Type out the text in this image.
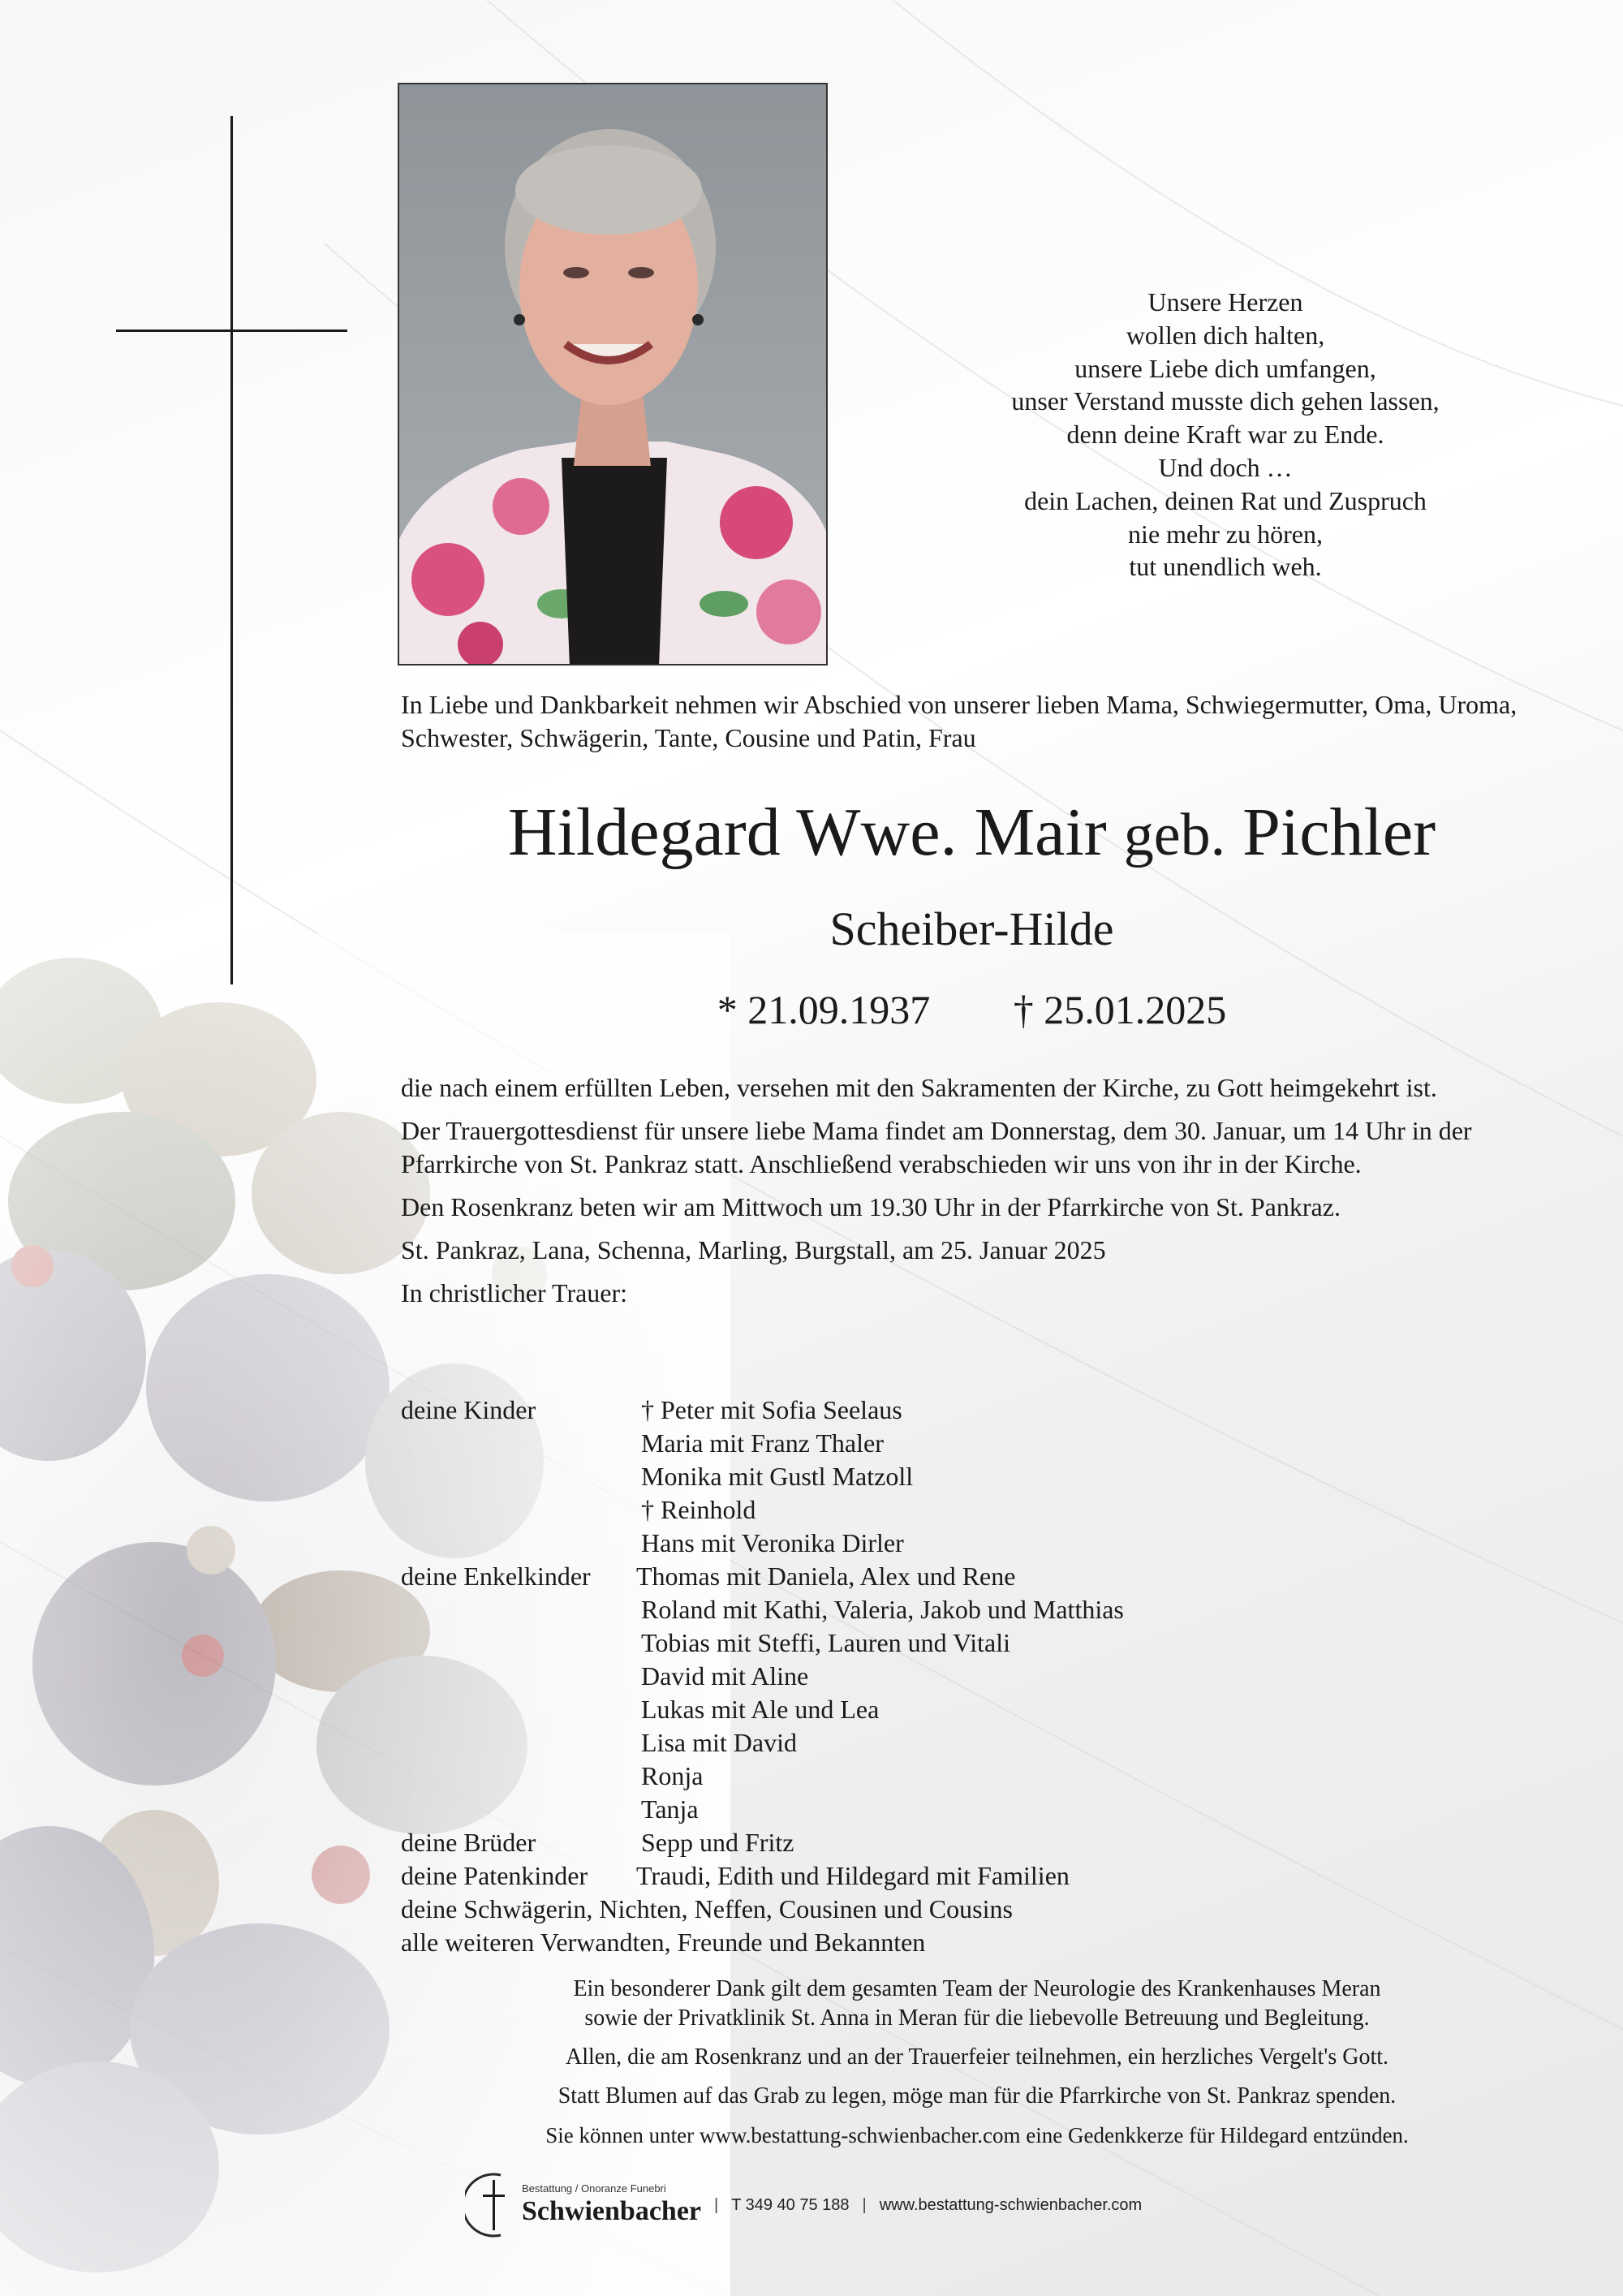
Unsere Herzen
wollen dich halten,
unsere Liebe dich umfangen,
unser Verstand musste dich gehen lassen,
denn deine Kraft war zu Ende.
Und doch …
dein Lachen, deinen Rat und Zuspruch
nie mehr zu hören,
tut unendlich weh.
In Liebe und Dankbarkeit nehmen wir Abschied von unserer lieben Mama, Schwiegermutter, Oma, Uroma, Schwester, Schwägerin, Tante, Cousine und Patin, Frau
Hildegard Wwe. Mair geb. Pichler
Scheiber-Hilde
* 21.09.1937 † 25.01.2025

die nach einem erfüllten Leben, versehen mit den Sakramenten der Kirche, zu Gott heimgekehrt ist.

Der Trauergottesdienst für unsere liebe Mama findet am Donnerstag, dem 30. Januar, um 14 Uhr in der Pfarrkirche von St. Pankraz statt. Anschließend verabschieden wir uns von ihr in der Kirche.

Den Rosenkranz beten wir am Mittwoch um 19.30 Uhr in der Pfarrkirche von St. Pankraz.

St. Pankraz, Lana, Schenna, Marling, Burgstall, am 25. Januar 2025

In christlicher Trauer:

deine Kinder	† Peter mit Sofia Seelaus
Maria mit Franz Thaler
Monika mit Gustl Matzoll
† Reinhold
Hans mit Veronika Dirler
deine Enkelkinder	Thomas mit Daniela, Alex und Rene
Roland mit Kathi, Valeria, Jakob und Matthias
Tobias mit Steffi, Lauren und Vitali
David mit Aline
Lukas mit Ale und Lea
Lisa mit David
Ronja
Tanja
deine Brüder	Sepp und Fritz
deine Patenkinder	Traudi, Edith und Hildegard mit Familien
deine Schwägerin, Nichten, Neffen, Cousinen und Cousins
alle weiteren Verwandten, Freunde und Bekannten

Ein besonderer Dank gilt dem gesamten Team der Neurologie des Krankenhauses Meran
sowie der Privatklinik St. Anna in Meran für die liebevolle Betreuung und Begleitung.

Allen, die am Rosenkranz und an der Trauerfeier teilnehmen, ein herzliches Vergelt's Gott.

Statt Blumen auf das Grab zu legen, möge man für die Pfarrkirche von St. Pankraz spenden.

Sie können unter www.bestattung-schwienbacher.com eine Gedenkkerze für Hildegard entzünden.

Bestattung / Onoranze Funebri
Schwienbacher | T 349 40 75 188 | www.bestattung-schwienbacher.com
